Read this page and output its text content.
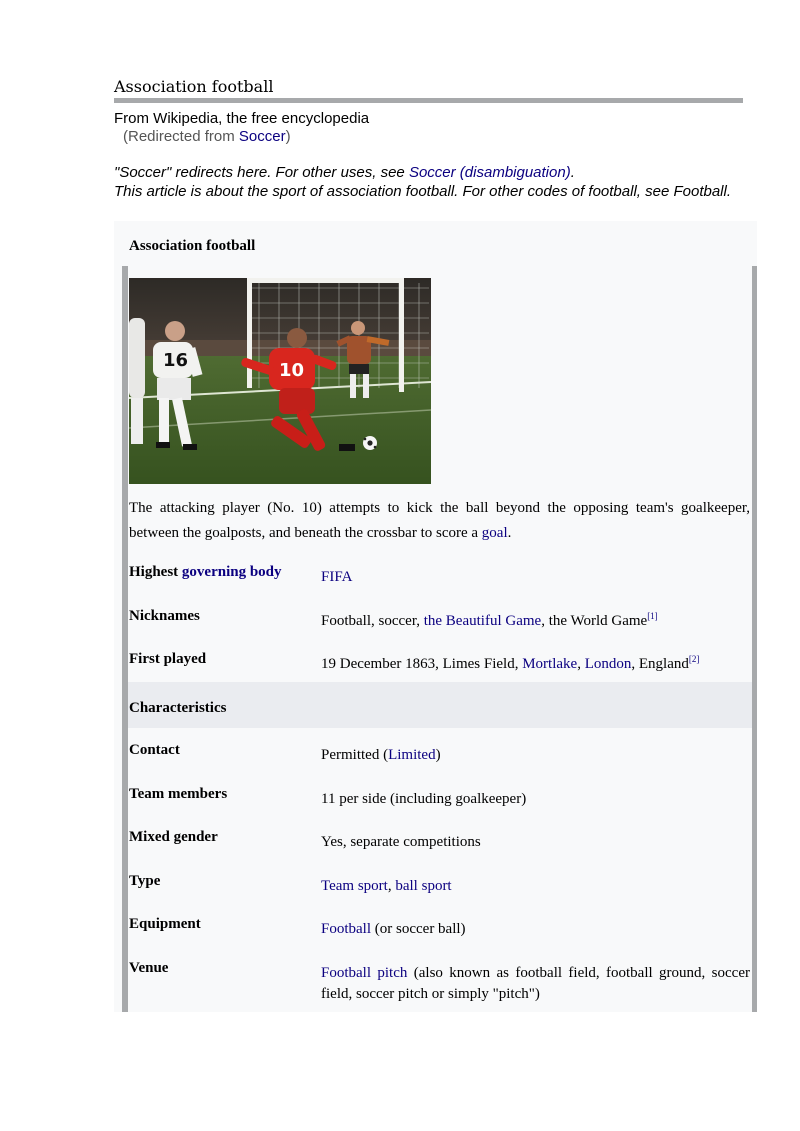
Association football
From Wikipedia, the free encyclopedia
(Redirected from Soccer)
"Soccer" redirects here. For other uses, see Soccer (disambiguation).
This article is about the sport of association football. For other codes of football, see Football.
Association football
16	10
The attacking player (No. 10) attempts to kick the ball beyond the opposing team's goalkeeper, between the goalposts, and beneath the crossbar to score a goal.
Highest governing body	FIFA
Nicknames	Football, soccer, the Beautiful Game, the World Game[1]
First played	19 December 1863, Limes Field, Mortlake, London, England[2]
Characteristics
Contact	Permitted (Limited)
Team members	11 per side (including goalkeeper)
Mixed gender	Yes, separate competitions
Type	Team sport, ball sport
Equipment	Football (or soccer ball)
Venue	Football pitch (also known as football field, football ground, soccer field, soccer pitch or simply "pitch")
